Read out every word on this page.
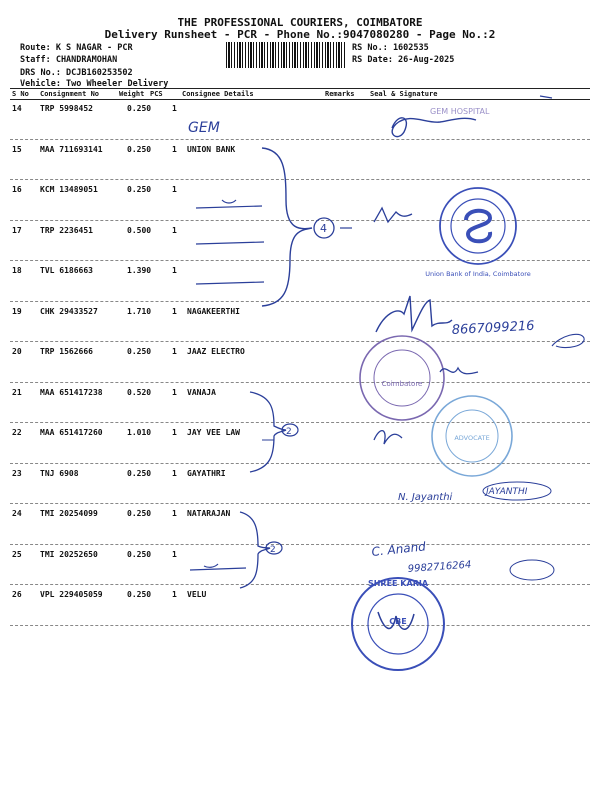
THE PROFESSIONAL COURIERS, COIMBATORE
Delivery Runsheet - PCR - Phone No.:9047080280 - Page No.:2
Route: K S NAGAR - PCR
Staff: CHANDRAMOHAN
DRS No.: DCJB160253502
Vehicle: Two Wheeler Delivery
RS No.: 1602535
RS Date: 26-Aug-2025
S No Consignment No	Weight PCS	Consignee Details	Remarks Seal & Signature
14 TRP 5998452	0.250	1
15 MAA 711693141	0.250	1 UNION BANK
16 KCM 13489051	0.250	1
17 TRP 2236451	0.500	1
18 TVL 6186663	1.390	1
19 CHK 29433527	1.710	1 NAGAKEERTHI
20 TRP 1562666	0.250	1 JAAZ ELECTRO
21 MAA 651417238	0.520	1 VANAJA
22 MAA 651417260	1.010	1 JAY VEE LAW
23 TNJ 6908	0.250	1 GAYATHRI
24 TMI 20254099	0.250	1 NATARAJAN
25 TMI 20252650	0.250	1
26 VPL 229405059	0.250	1 VELU
GEM
GEM HOSPITAL
4
Union Bank of India, Coimbatore
8667099216
Coimbatore
2
ADVOCATE
N. Jayanthi	JAYANTHI
2	C. Anand
9982716264
SHREE KARIA
CBE
